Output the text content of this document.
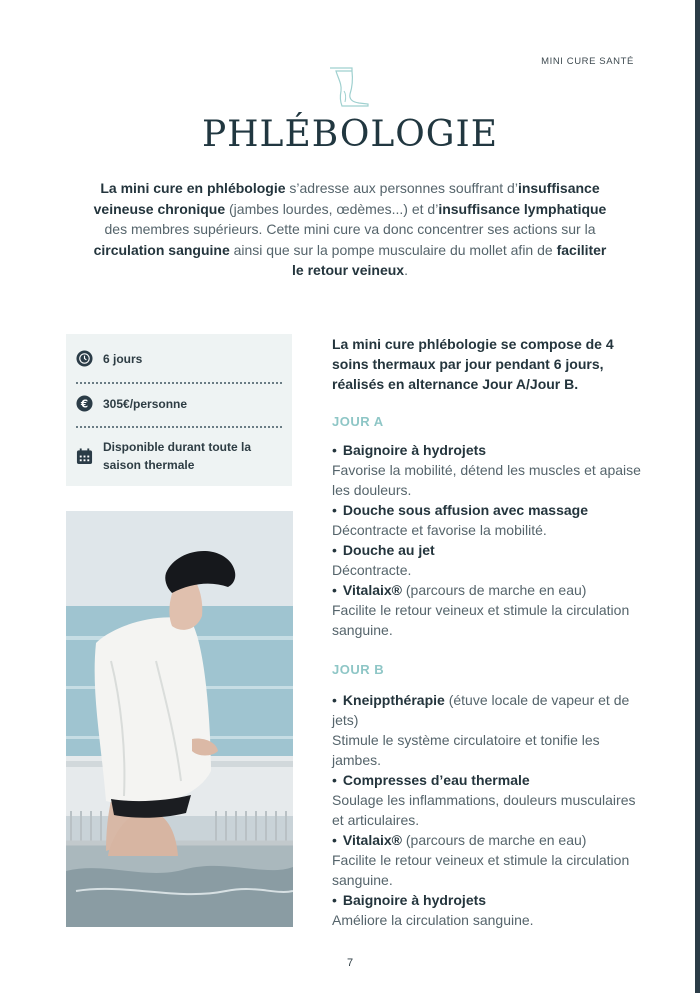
MINI CURE SANTÉ
PHLÉBOLOGIE
La mini cure en phlébologie s’adresse aux personnes souffrant d’insuffisance veineuse chronique (jambes lourdes, œdèmes...) et d’insuffisance lymphatique des membres supérieurs. Cette mini cure va donc concentrer ses actions sur la circulation sanguine ainsi que sur la pompe musculaire du mollet afin de faciliter le retour veineux.
6 jours
€ 305€/personne
Disponible durant toute la saison thermale

La mini cure phlébologie se compose de 4 soins thermaux par jour pendant 6 jours, réalisés en alternance Jour A/Jour B.

JOUR A
• Baignoire à hydrojets
Favorise la mobilité, détend les muscles et apaise les douleurs.
• Douche sous affusion avec massage
Décontracte et favorise la mobilité.
• Douche au jet
Décontracte.
• Vitalaix® (parcours de marche en eau)
Facilite le retour veineux et stimule la circulation sanguine.
JOUR B
• Kneippthérapie (étuve locale de vapeur et de jets)
Stimule le système circulatoire et tonifie les jambes.
• Compresses d’eau thermale
Soulage les inflammations, douleurs musculaires et articulaires.
• Vitalaix® (parcours de marche en eau)
Facilite le retour veineux et stimule la circulation sanguine.
• Baignoire à hydrojets
Améliore la circulation sanguine.
7
